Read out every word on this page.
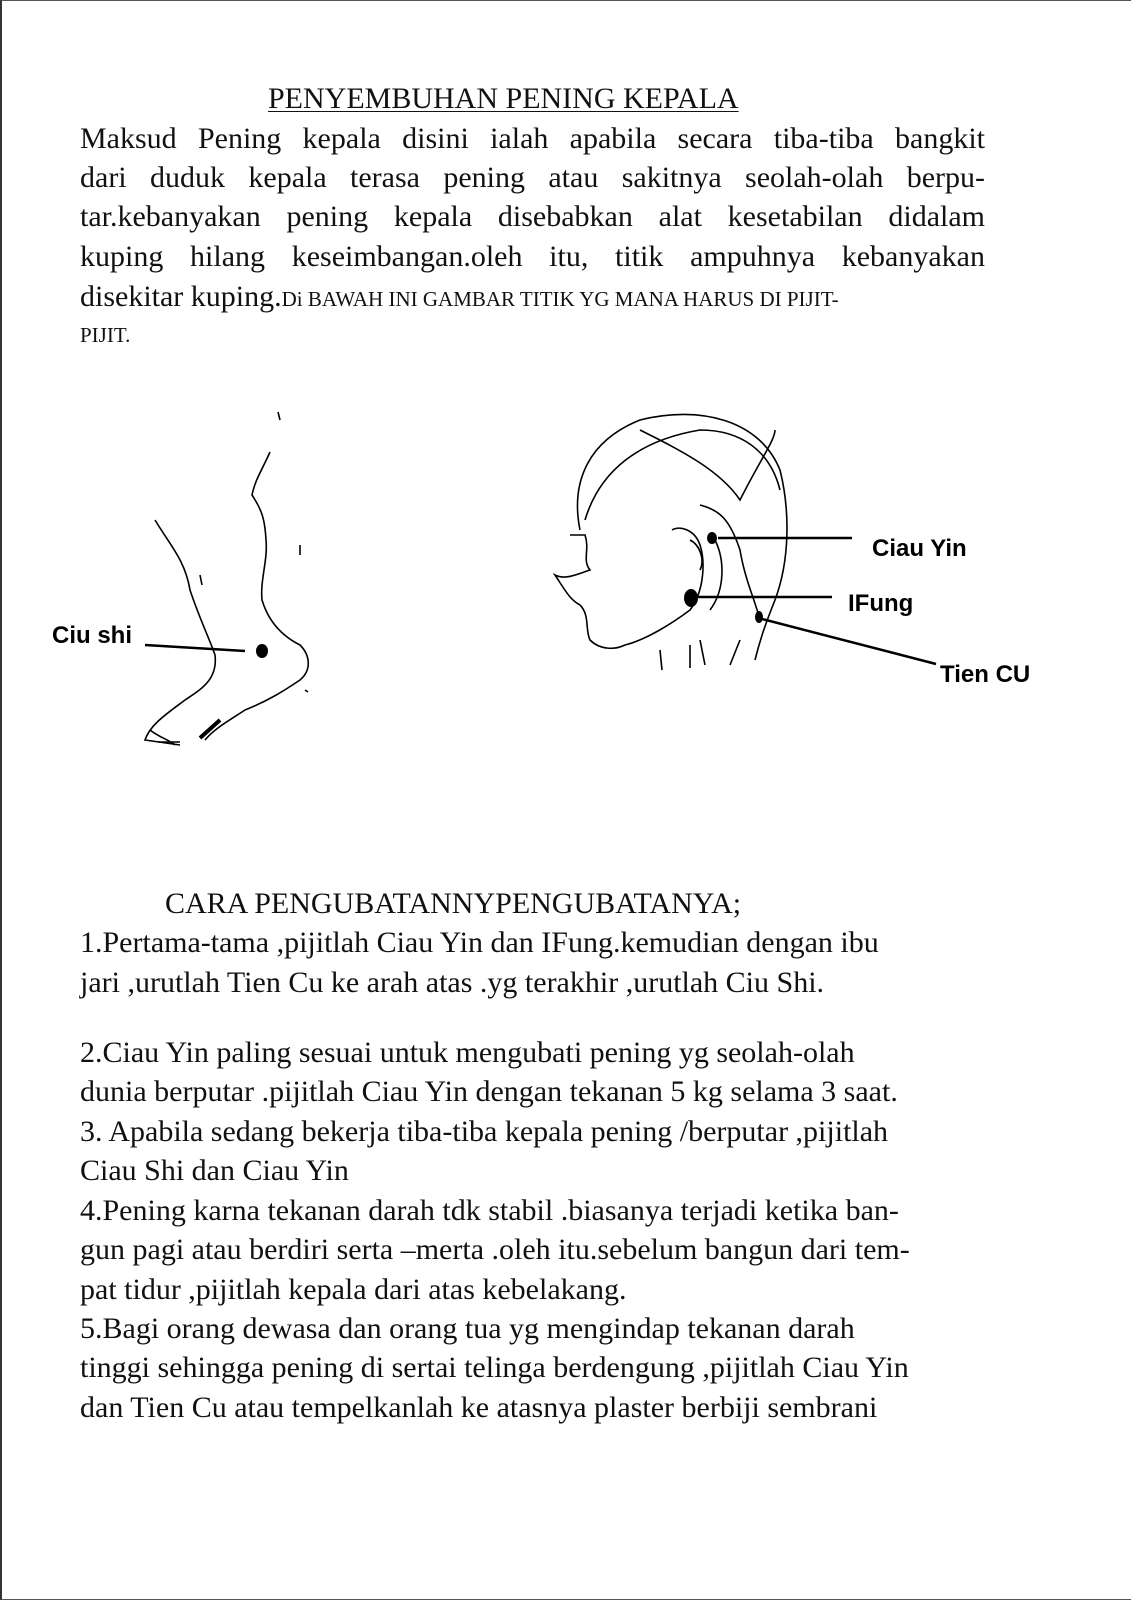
PENYEMBUHAN PENING KEPALA
Maksud Pening kepala disini ialah apabila secara tiba-tiba bangkit
dari duduk kepala terasa pening atau sakitnya seolah-olah berpu-
tar.kebanyakan pening kepala disebabkan alat kesetabilan didalam
kuping hilang keseimbangan.oleh itu, titik ampuhnya kebanyakan
disekitar kuping.Di BAWAH INI GAMBAR TITIK YG MANA HARUS DI PIJIT-
PIJIT.
Ciu shi
Ciau Yin
IFung
Tien CU
CARA PENGUBATANNYPENGUBATANYA;
1.Pertama-tama ,pijitlah Ciau Yin dan IFung.kemudian dengan ibu
jari ,urutlah Tien Cu ke arah atas .yg terakhir ,urutlah Ciu Shi.
2.Ciau Yin paling sesuai untuk mengubati pening yg seolah-olah
dunia berputar .pijitlah Ciau Yin dengan tekanan 5 kg selama 3 saat.
3. Apabila sedang bekerja tiba-tiba kepala pening /berputar ,pijitlah
Ciau Shi dan Ciau Yin
4.Pening karna tekanan darah tdk stabil .biasanya terjadi ketika ban-
gun pagi atau berdiri serta –merta .oleh itu.sebelum bangun dari tem-
pat tidur ,pijitlah kepala dari atas kebelakang.
5.Bagi orang dewasa dan orang tua yg mengindap tekanan darah
tinggi sehingga pening di sertai telinga berdengung ,pijitlah Ciau Yin
dan Tien Cu atau tempelkanlah ke atasnya plaster berbiji sembrani
